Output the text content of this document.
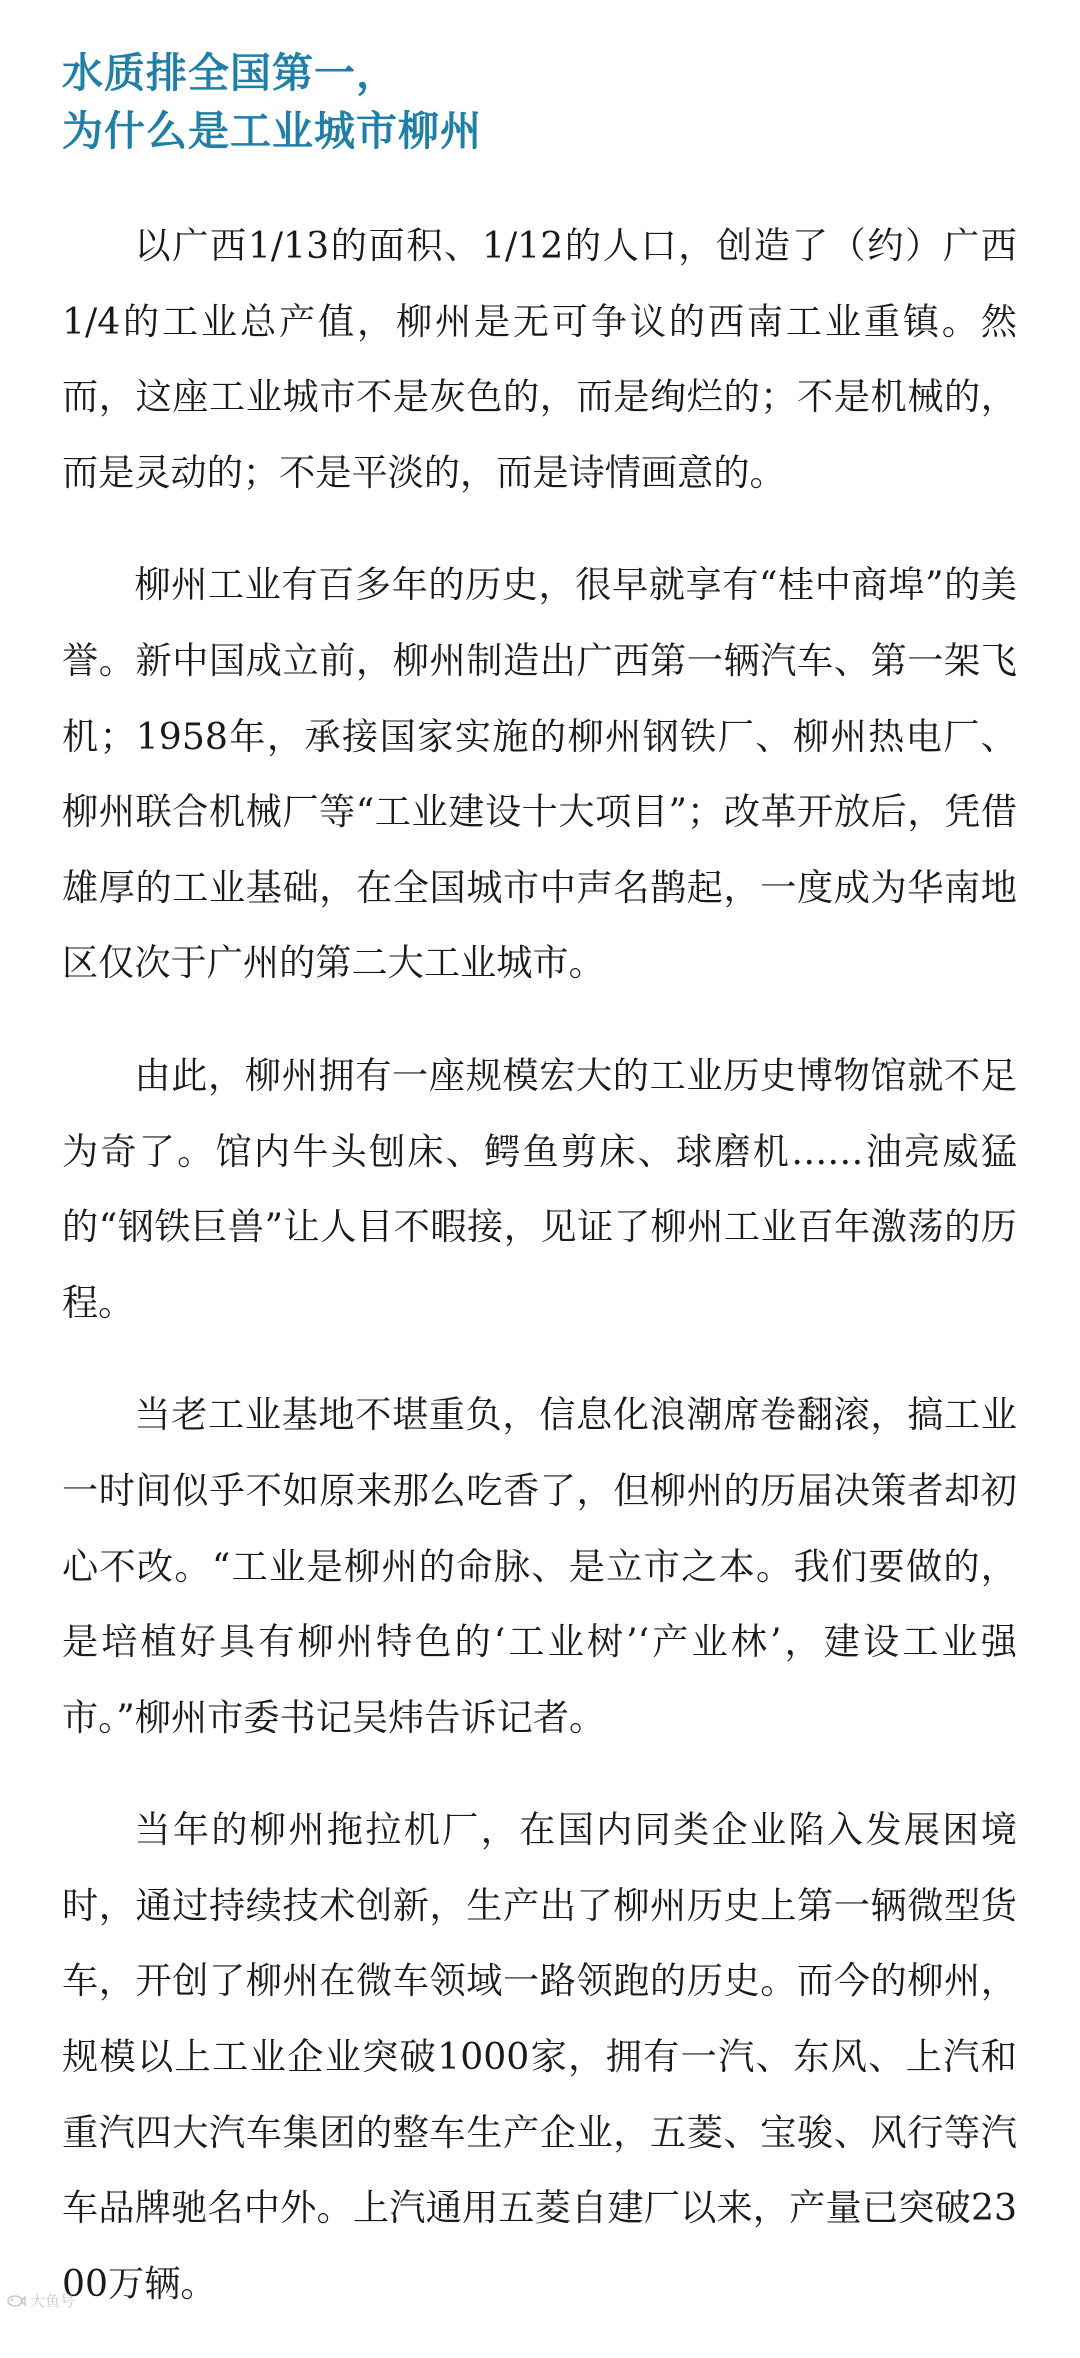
水质排全国第一，
为什么是工业城市柳州

以广西1/13的面积、1/12的人口，创造了（约）广西1/4的工业总产值，柳州是无可争议的西南工业重镇。然而，这座工业城市不是灰色的，而是绚烂的；不是机械的，而是灵动的；不是平淡的，而是诗情画意的。

柳州工业有百多年的历史，很早就享有“桂中商埠”的美誉。新中国成立前，柳州制造出广西第一辆汽车、第一架飞机；1958年，承接国家实施的柳州钢铁厂、柳州热电厂、柳州联合机械厂等“工业建设十大项目”；改革开放后，凭借雄厚的工业基础，在全国城市中声名鹊起，一度成为华南地区仅次于广州的第二大工业城市。

由此，柳州拥有一座规模宏大的工业历史博物馆就不足为奇了。馆内牛头刨床、鳄鱼剪床、球磨机……油亮威猛的“钢铁巨兽”让人目不暇接，见证了柳州工业百年激荡的历程。

当老工业基地不堪重负，信息化浪潮席卷翻滚，搞工业一时间似乎不如原来那么吃香了，但柳州的历届决策者却初心不改。“工业是柳州的命脉、是立市之本。我们要做的，是培植好具有柳州特色的‘工业树’‘产业林’，建设工业强市。”柳州市委书记吴炜告诉记者。

当年的柳州拖拉机厂，在国内同类企业陷入发展困境时，通过持续技术创新，生产出了柳州历史上第一辆微型货车，开创了柳州在微车领域一路领跑的历史。而今的柳州，规模以上工业企业突破1000家，拥有一汽、东风、上汽和重汽四大汽车集团的整车生产企业，五菱、宝骏、风行等汽车品牌驰名中外。上汽通用五菱自建厂以来，产量已突破2300万辆。

大鱼号
